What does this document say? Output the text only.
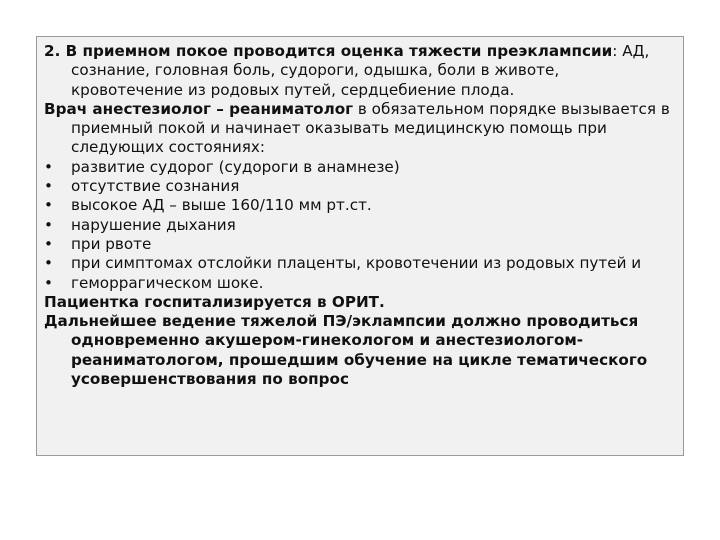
2. В приемном покое проводится оценка тяжести преэклампсии: АД, сознание, головная боль, судороги, одышка, боли в животе, кровотечение из родовых путей, сердцебиение плода.

Врач анестезиолог – реаниматолог в обязательном порядке вызывается в приемный покой и начинает оказывать медицинскую помощь при следующих состояниях:

•	развитие судорог (судороги в анамнезе)
•	отсутствие сознания
•	высокое АД – выше 160/110 мм рт.ст.
•	нарушение дыхания
•	при рвоте
•	при симптомах отслойки плаценты, кровотечении из родовых путей и
•	геморрагическом шоке.

Пациентка госпитализируется в ОРИТ.

Дальнейшее ведение тяжелой ПЭ/эклампсии должно проводиться одновременно акушером-гинекологом и анестезиологом-реаниматологом, прошедшим обучение на цикле тематического усовершенствования по вопрос
